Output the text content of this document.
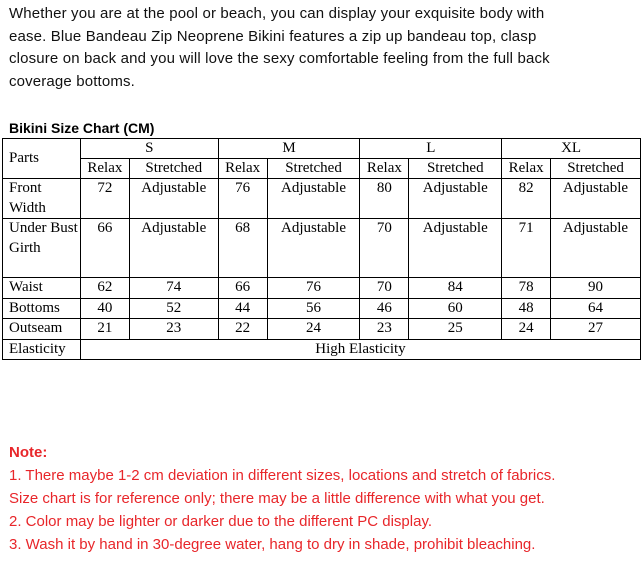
Whether you are at the pool or beach, you can display your exquisite body with
ease. Blue Bandeau Zip Neoprene Bikini features a zip up bandeau top, clasp
closure on back and you will love the sexy comfortable feeling from the full back
coverage bottoms.
Bikini Size Chart (CM)
Parts	S		M		L		XL	
	Relax	Stretched	Relax	Stretched	Relax	Stretched	Relax	Stretched
Front Width	72	Adjustable	76	Adjustable	80	Adjustable	82	Adjustable
Under Bust Girth	66	Adjustable	68	Adjustable	70	Adjustable	71	Adjustable
Waist	62	74	66	76	70	84	78	90
Bottoms	40	52	44	56	46	60	48	64
Outseam	21	23	22	24	23	25	24	27
Elasticity	High Elasticity							
Note:
1. There maybe 1-2 cm deviation in different sizes, locations and stretch of fabrics.
Size chart is for reference only; there may be a little difference with what you get.
2. Color may be lighter or darker due to the different PC display.
3. Wash it by hand in 30-degree water, hang to dry in shade, prohibit bleaching.
